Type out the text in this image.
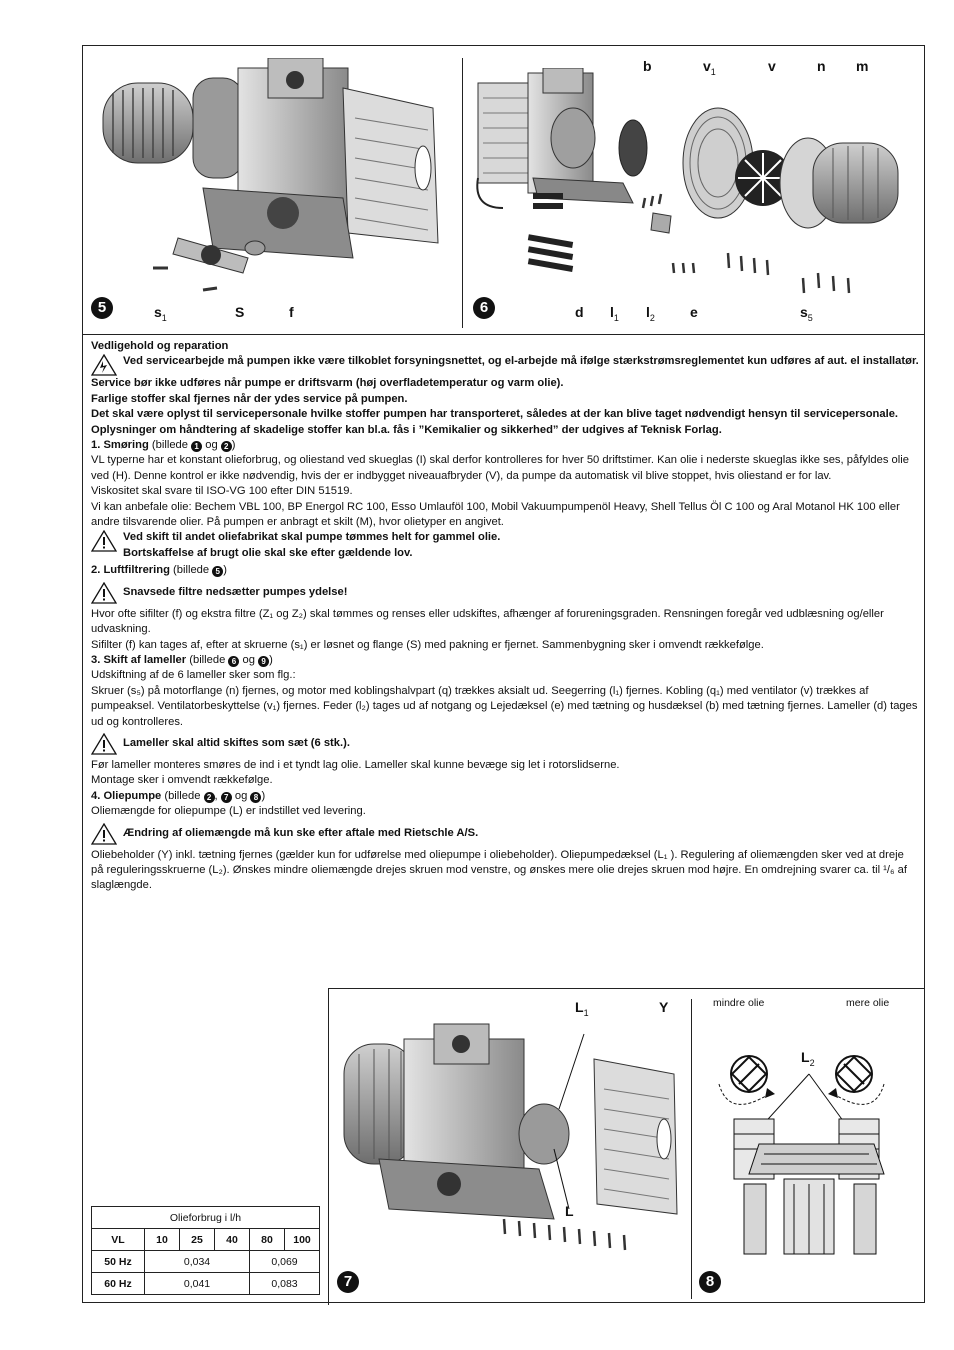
5	$s_1$	S	f	6
b	$v_1$	v	n m
d $l_1$ $l_2$	e	$s_5$

Vedligehold og reparation

Ved servicearbejde må pumpen ikke være tilkoblet forsyningsnettet, og el-arbejde må ifølge stærkstrømsreglementet kun udføres af aut. el installatør.

Service bør ikke udføres når pumpe er driftsvarm (høj overfladetemperatur og varm olie).

Farlige stoffer skal fjernes når der ydes service på pumpen.

Det skal være oplyst til servicepersonale hvilke stoffer pumpen har transporteret, således at der kan blive taget nødvendigt hensyn til servicepersonale. Oplysninger om håndtering af skadelige stoffer kan bl.a. fås i ”Kemikalier og sikkerhed” der udgives af Teknisk Forlag.

1. Smøring (billede 1 og 2 )

VL typerne har et konstant olieforbrug, og oliestand ved skueglas (I) skal derfor kontrolleres for hver 50 driftstimer. Kan olie i nederste skueglas ikke ses, påfyldes olie ved (H). Denne kontrol er ikke nødvendig, hvis der er indbygget niveauafbryder (V), da pumpe da automatisk vil blive stoppet, hvis oliestand er for lav.

Viskositet skal svare til ISO-VG 100 efter DIN 51519.

Vi kan anbefale olie: Bechem VBL 100, BP Energol RC 100, Esso Umlauföl 100, Mobil Vakuumpumpenöl Heavy, Shell Tellus Öl C 100 og Aral Motanol HK 100 eller andre tilsvarende olier. På pumpen er anbragt et skilt (M), hvor olietyper en angivet.

Ved skift til andet oliefabrikat skal pumpe tømmes helt for gammel olie.

Bortskaffelse af brugt olie skal ske efter gældende lov.

2. Luftfiltrering (billede 5 )

Snavsede filtre nedsætter pumpes ydelse!

Hvor ofte sifilter (f) og ekstra filtre (Z₁ og Z₂) skal tømmes og renses eller udskiftes, afhænger af forureningsgraden. Rensningen foregår ved udblæsning og/eller udvaskning.

Sifilter (f) kan tages af, efter at skruerne (s₁) er løsnet og flange (S) med pakning er fjernet. Sammenbygning sker i omvendt rækkefølge.

3. Skift af lameller (billede 6 og 9 )

Udskiftning af de 6 lameller sker som flg.:

Skruer (s₅) på motorflange (n) fjernes, og motor med koblingshalvpart (q) trækkes aksialt ud. Seegerring (l₁) fjernes. Kobling (q₁) med ventilator (v) trækkes af pumpeaksel. Ventilatorbeskyttelse (v₁) fjernes. Feder (l₂) tages ud af notgang og Lejedæksel (e) med tætning og husdæksel (b) med tætning fjernes. Lameller (d) tages ud og kontrolleres.

Lameller skal altid skiftes som sæt (6 stk.).

Før lameller monteres smøres de ind i et tyndt lag olie. Lameller skal kunne bevæge sig let i rotorslidserne.

Montage sker i omvendt rækkefølge.

4. Oliepumpe (billede 2 , 7 og 8 )

Oliemængde for oliepumpe (L) er indstillet ved levering.

Ændring af oliemængde må kun ske efter aftale med Rietschle A/S.

Oliebeholder (Y) inkl. tætning fjernes (gælder kun for udførelse med oliepumpe i oliebeholder). Oliepumpedæksel (L₁ ). Regulering af oliemængden sker ved at dreje på reguleringsskruerne (L₂). Ønskes mindre oliemængde drejes skruen mod venstre, og ønskes mere olie drejes skruen mod højre. En omdrejning svarer ca. til ¹/₆ af slaglængde.

Olieforbrug i l/h					
VL	10	25	40	80	100
50 Hz	0,034			0,069	
60 Hz	0,041			0,083		7
$L_1$	Y
L
mindre olie	mere olie
$L_2$
8
